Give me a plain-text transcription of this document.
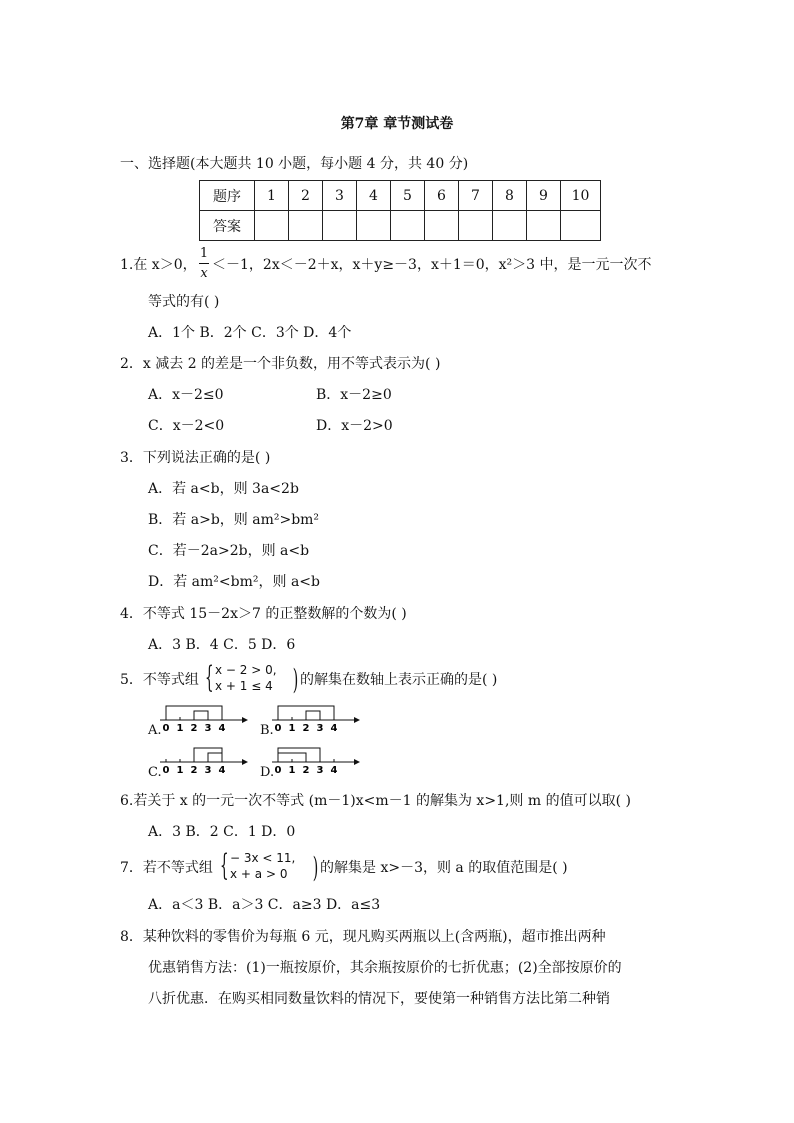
第7章 章节测试卷
一、选择题(本大题共 10 小题，每小题 4 分，共 40 分)
题序	1	2	3	4	5	6	7	8	9	10
答案										
1.在 x＞0，
1
x
＜－1，2x＜－2＋x，x＋y≥－3，x＋1＝0，x²＞3 中，是一元一次不
等式的有( )
A．1个 B．2个 C．3个 D．4个
2．x 减去 2 的差是一个非负数，用不等式表示为( )
A．x－2≤0	B．x－2≥0
C．x－2<0	D．x－2>0
3．下列说法正确的是( )
A．若 a<b，则 3a<2b
B．若 a>b，则 am²>bm²
C．若－2a>2b，则 a<b
D．若 am²<bm²，则 a<b
4．不等式 15－2x＞7 的正整数解的个数为( )
A．3 B．4 C．5 D．6
5．不等式组 { x − 2 > 0,
x + 1 ≤ 4 ) 的解集在数轴上表示正确的是( )
A.	B.
C.	D.
0 1 2 3 4	0 1 2 3 4
0 1 2 3 4	0 1 2 3 4
6.若关于 x 的一元一次不等式 (m－1)x<m－1 的解集为 x>1,则 m 的值可以取( )
A．3 B．2 C．1 D．0
7．若不等式组 { − 3x < 11,
x + a > 0 ) 的解集是 x>－3，则 a 的取值范围是( )
A．a＜3 B．a＞3 C．a≥3 D．a≤3
8．某种饮料的零售价为每瓶 6 元，现凡购买两瓶以上(含两瓶)，超市推出两种
优惠销售方法：(1)一瓶按原价，其余瓶按原价的七折优惠；(2)全部按原价的
八折优惠．在购买相同数量饮料的情况下，要使第一种销售方法比第二种销
